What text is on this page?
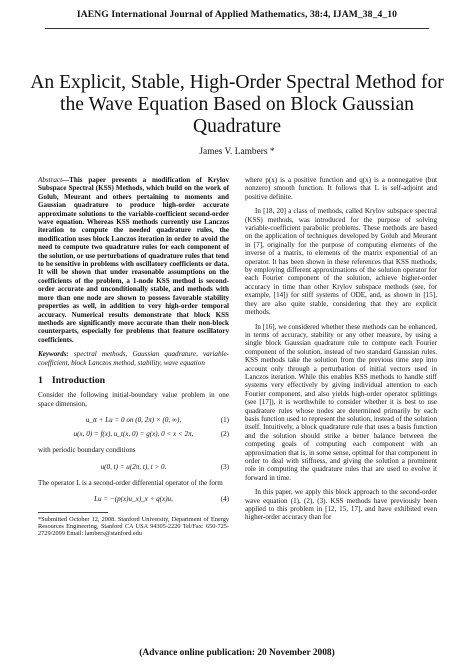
IAENG International Journal of Applied Mathematics, 38:4, IJAM_38_4_10
An Explicit, Stable, High-Order Spectral Method for the Wave Equation Based on Block Gaussian Quadrature
James V. Lambers *

Abstract—This paper presents a modification of Krylov Subspace Spectral (KSS) Methods, which build on the work of Golub, Meurant and others pertaining to moments and Gaussian quadrature to produce high-order accurate approximate solutions to the variable-coefficient second-order wave equation. Whereas KSS methods currently use Lanczos iteration to compute the needed quadrature rules, the modification uses block Lanczos iteration in order to avoid the need to compute two quadrature rules for each component of the solution, or use perturbations of quadrature rules that tend to be sensitive in problems with oscillatory coefficients or data. It will be shown that under reasonable assumptions on the coefficients of the problem, a 1-node KSS method is second-order accurate and unconditionally stable, and methods with more than one node are shown to possess favorable stability properties as well, in addition to very high-order temporal accuracy. Numerical results demonstrate that block KSS methods are significantly more accurate than their non-block counterparts, especially for problems that feature oscillatory coefficients.

Keywords: spectral methods, Gaussian quadrature, variable-coefficient, block Lanczos method, stability, wave equation

1 Introduction

Consider the following initial-boundary value problem in one space dimension,

u_tt + Lu = 0 on (0, 2π) × (0, ∞),	(1)
u(x, 0) = f(x), u_t(x, 0) = g(x), 0 < x < 2π,	(2)

with periodic boundary conditions

u(0, t) = u(2π, t), t > 0.	(3)

The operator L is a second-order differential operator of the form

Lu = −(p(x)u_x)_x + q(x)u,	(4)

*Submitted October 12, 2008. Stanford University, Department of Energy Resources Engineering, Stanford CA USA 94305-2220 Tel/Fax: 650-725-2729/2099 Email: lambers@stanford.edu

where p(x) is a positive function and q(x) is a nonnegative (but nonzero) smooth function. It follows that L is self-adjoint and positive definite.

In [18, 20] a class of methods, called Krylov subspace spectral (KSS) methods, was introduced for the purpose of solving variable-coefficient parabolic problems. These methods are based on the application of techniques developed by Golub and Meurant in [7], originally for the purpose of computing elements of the inverse of a matrix, to elements of the matrix exponential of an operator. It has been shown in these references that KSS methods, by employing different approximations of the solution operator for each Fourier component of the solution, achieve higher-order accuracy in time than other Krylov subspace methods (see, for example, [14]) for stiff systems of ODE, and, as shown in [15], they are also quite stable, considering that they are explicit methods.

In [16], we considered whether these methods can be enhanced, in terms of accuracy, stability or any other measure, by using a single block Gaussian quadrature rule to compute each Fourier component of the solution, instead of two standard Gaussian rules. KSS methods take the solution from the previous time step into account only through a perturbation of initial vectors used in Lanczos iteration. While this enables KSS methods to handle stiff systems very effectively by giving individual attention to each Fourier component, and also yields high-order operator splittings (see [17]), it is worthwhile to consider whether it is best to use quadrature rules whose nodes are determined primarily by each basis function used to represent the solution, instead of the solution itself. Intuitively, a block quadrature rule that uses a basis function and the solution should strike a better balance between the competing goals of computing each component with an approximation that is, in some sense, optimal for that component in order to deal with stiffness, and giving the solution a prominent role in computing the quadrature rules that are used to evolve it forward in time.

In this paper, we apply this block approach to the second-order wave equation (1), (2), (3). KSS methods have previously been applied to this problem in [12, 15, 17], and have exhibited even higher-order accuracy than for

(Advance online publication: 20 November 2008)
